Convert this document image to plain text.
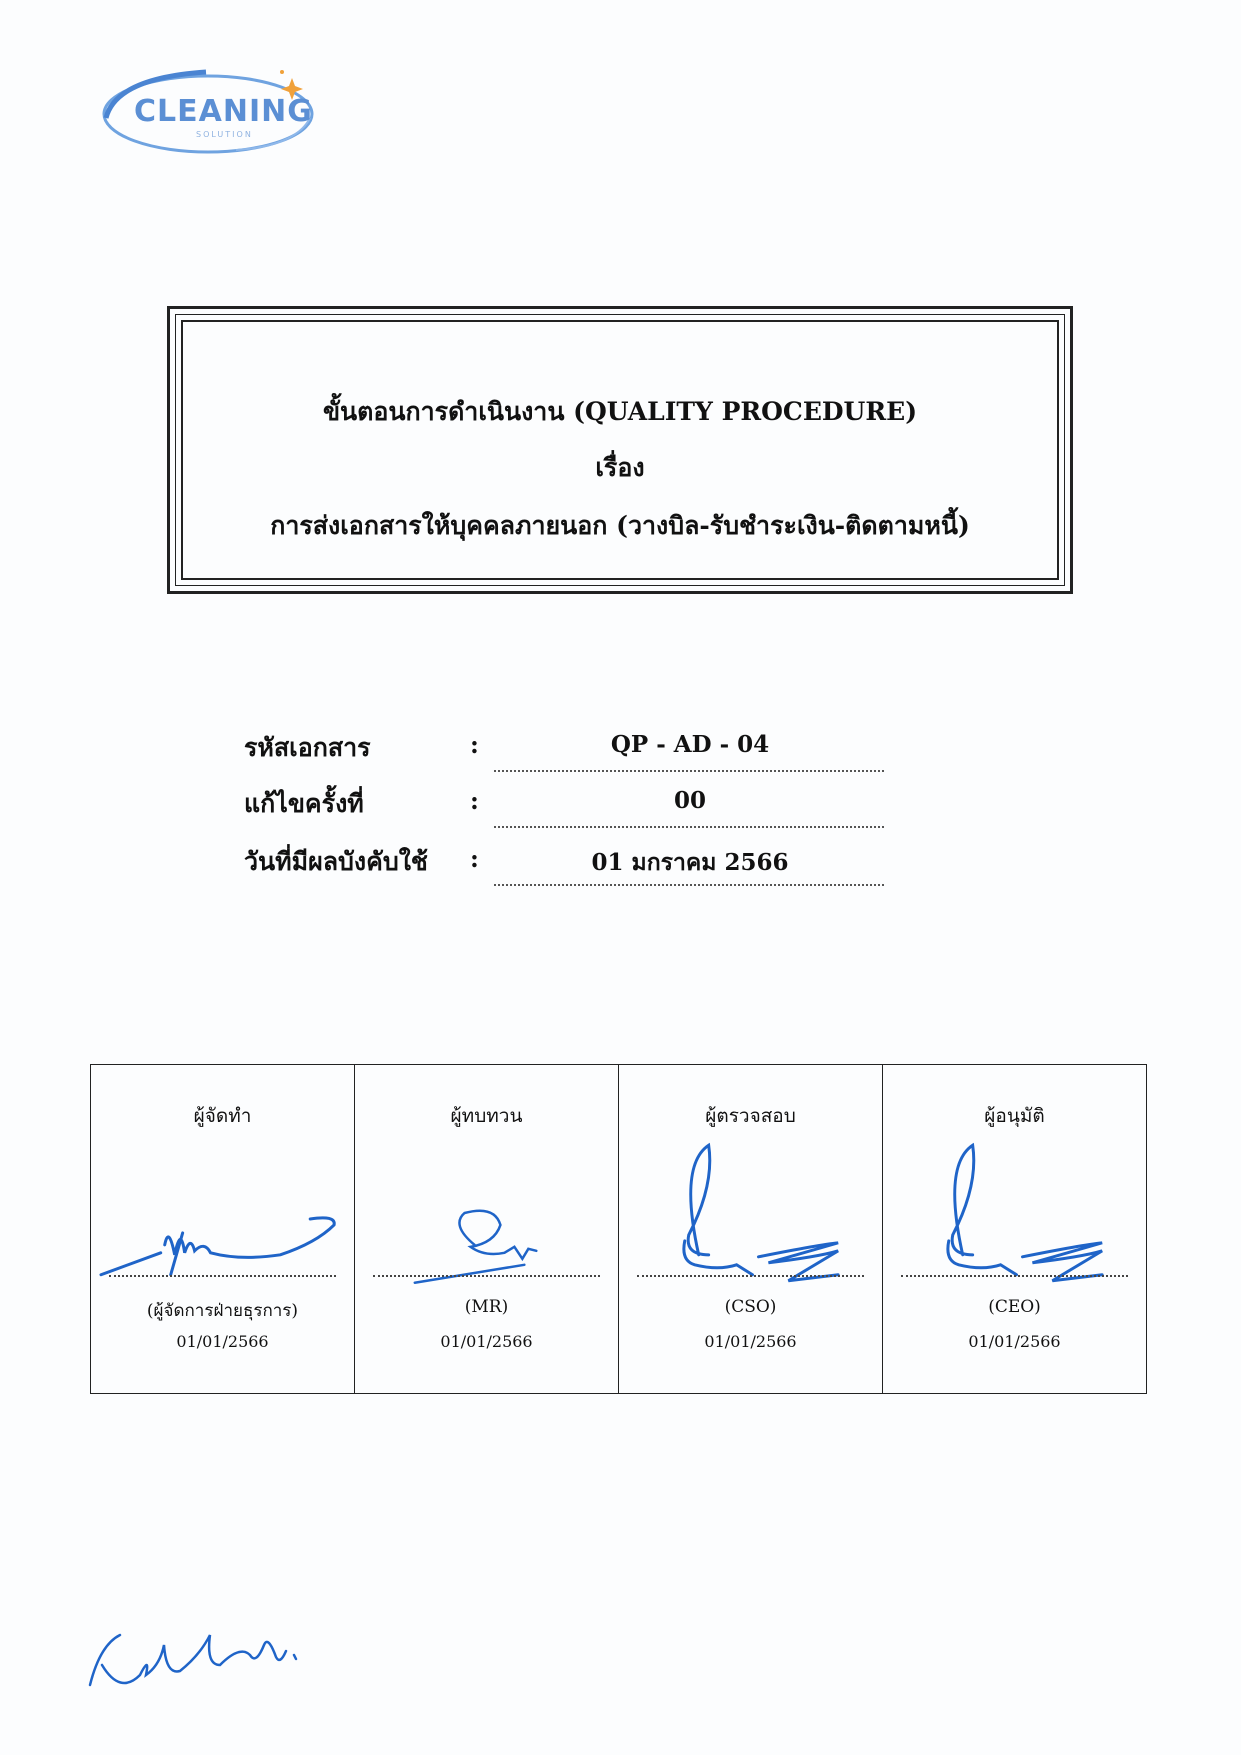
CLEANING
SOLUTION
ขั้นตอนการดำเนินงาน (QUALITY PROCEDURE)
เรื่อง
การส่งเอกสารให้บุคคลภายนอก (วางบิล-รับชำระเงิน-ติดตามหนี้)
รหัสเอกสาร	:	QP - AD - 04
แก้ไขครั้งที่	:	00
วันที่มีผลบังคับใช้ :	01 มกราคม 2566
ผู้จัดทำ
(ผู้จัดการฝ่ายธุรการ)
01/01/2566
ผู้ทบทวน
(MR)
01/01/2566
ผู้ตรวจสอบ
(CSO)
01/01/2566
ผู้อนุมัติ
(CEO)
01/01/2566
